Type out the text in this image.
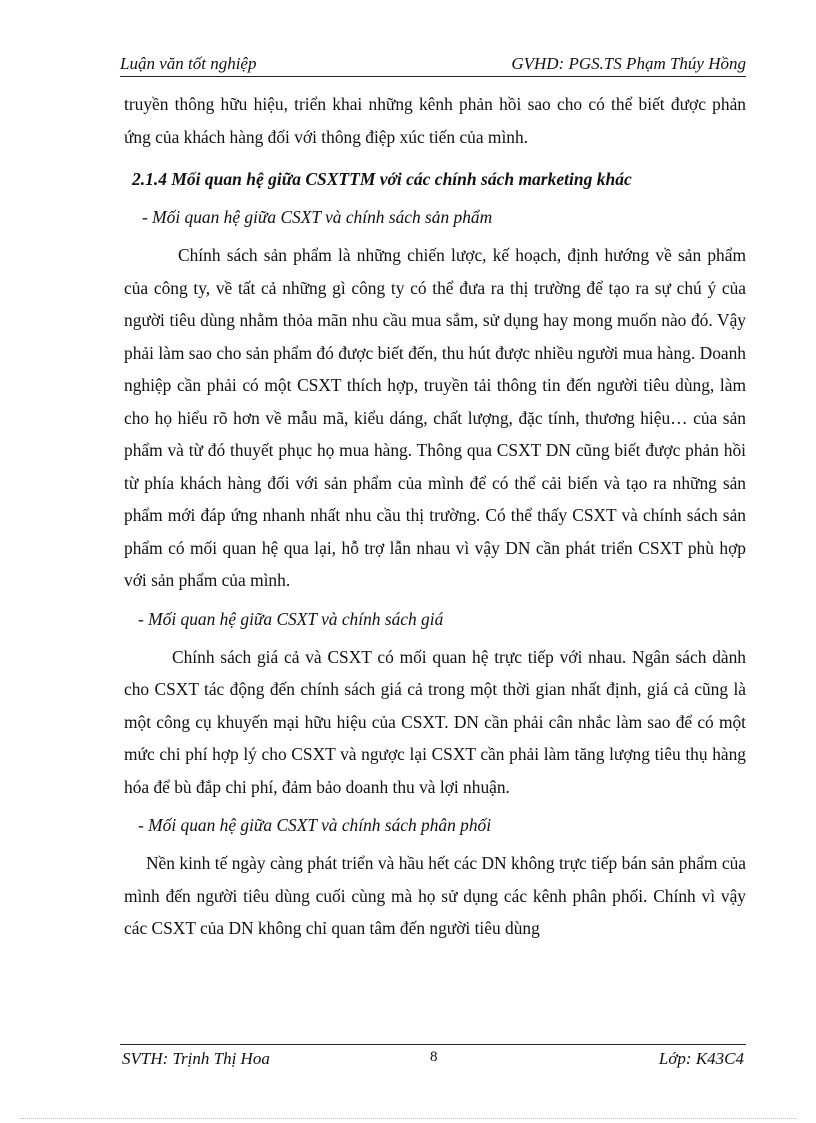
Luận văn tốt nghiệp	GVHD: PGS.TS Phạm Thúy Hồng

truyền thông hữu hiệu, triển khai những kênh phản hồi sao cho có thể biết được phản ứng của khách hàng đối với thông điệp xúc tiến của mình.

2.1.4 Mối quan hệ giữa CSXTTM với các chính sách marketing khác
- Mối quan hệ giữa CSXT và chính sách sản phẩm

Chính sách sản phẩm là những chiến lược, kế hoạch, định hướng về sản phẩm của công ty, về tất cả những gì công ty có thể đưa ra thị trường để tạo ra sự chú ý của người tiêu dùng nhằm thỏa mãn nhu cầu mua sắm, sử dụng hay mong muốn nào đó. Vậy phải làm sao cho sản phẩm đó được biết đến, thu hút được nhiều người mua hàng. Doanh nghiệp cần phải có một CSXT thích hợp, truyền tải thông tin đến người tiêu dùng, làm cho họ hiểu rõ hơn về mẫu mã, kiểu dáng, chất lượng, đặc tính, thương hiệu… của sản phẩm và từ đó thuyết phục họ mua hàng. Thông qua CSXT DN cũng biết được phản hồi từ phía khách hàng đối với sản phẩm của mình để có thể cải biến và tạo ra những sản phẩm mới đáp ứng nhanh nhất nhu cầu thị trường. Có thể thấy CSXT và chính sách sản phẩm có mối quan hệ qua lại, hỗ trợ lẫn nhau vì vậy DN cần phát triển CSXT phù hợp với sản phẩm của mình.

- Mối quan hệ giữa CSXT và chính sách giá

Chính sách giá cả và CSXT có mối quan hệ trực tiếp với nhau. Ngân sách dành cho CSXT tác động đến chính sách giá cả trong một thời gian nhất định, giá cả cũng là một công cụ khuyến mại hữu hiệu của CSXT. DN cần phải cân nhắc làm sao để có một mức chi phí hợp lý cho CSXT và ngược lại CSXT cần phải làm tăng lượng tiêu thụ hàng hóa để bù đắp chi phí, đảm bảo doanh thu và lợi nhuận.

- Mối quan hệ giữa CSXT và chính sách phân phối

Nền kinh tế ngày càng phát triển và hầu hết các DN không trực tiếp bán sản phẩm của mình đến người tiêu dùng cuối cùng mà họ sử dụng các kênh phân phối. Chính vì vậy các CSXT của DN không chỉ quan tâm đến người tiêu dùng

SVTH: Trịnh Thị Hoa	8	Lớp: K43C4
